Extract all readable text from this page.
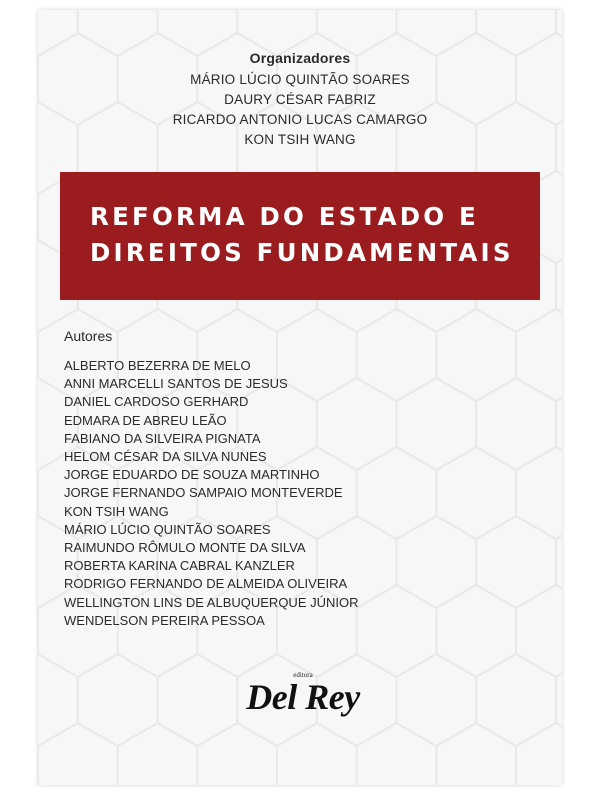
Organizadores
MÁRIO LÚCIO QUINTÃO SOARES
DAURY CÉSAR FABRIZ
RICARDO ANTONIO LUCAS CAMARGO
KON TSIH WANG
REFORMA DO ESTADO E
DIREITOS FUNDAMENTAIS
Autores
ALBERTO BEZERRA DE MELO
ANNI MARCELLI SANTOS DE JESUS
DANIEL CARDOSO GERHARD
EDMARA DE ABREU LEÃO
FABIANO DA SILVEIRA PIGNATA
HELOM CÉSAR DA SILVA NUNES
JORGE EDUARDO DE SOUZA MARTINHO
JORGE FERNANDO SAMPAIO MONTEVERDE
KON TSIH WANG
MÁRIO LÚCIO QUINTÃO SOARES
RAIMUNDO RÔMULO MONTE DA SILVA
ROBERTA KARINA CABRAL KANZLER
RODRIGO FERNANDO DE ALMEIDA OLIVEIRA
WELLINGTON LINS DE ALBUQUERQUE JÚNIOR
WENDELSON PEREIRA PESSOA
editora
Del Rey
